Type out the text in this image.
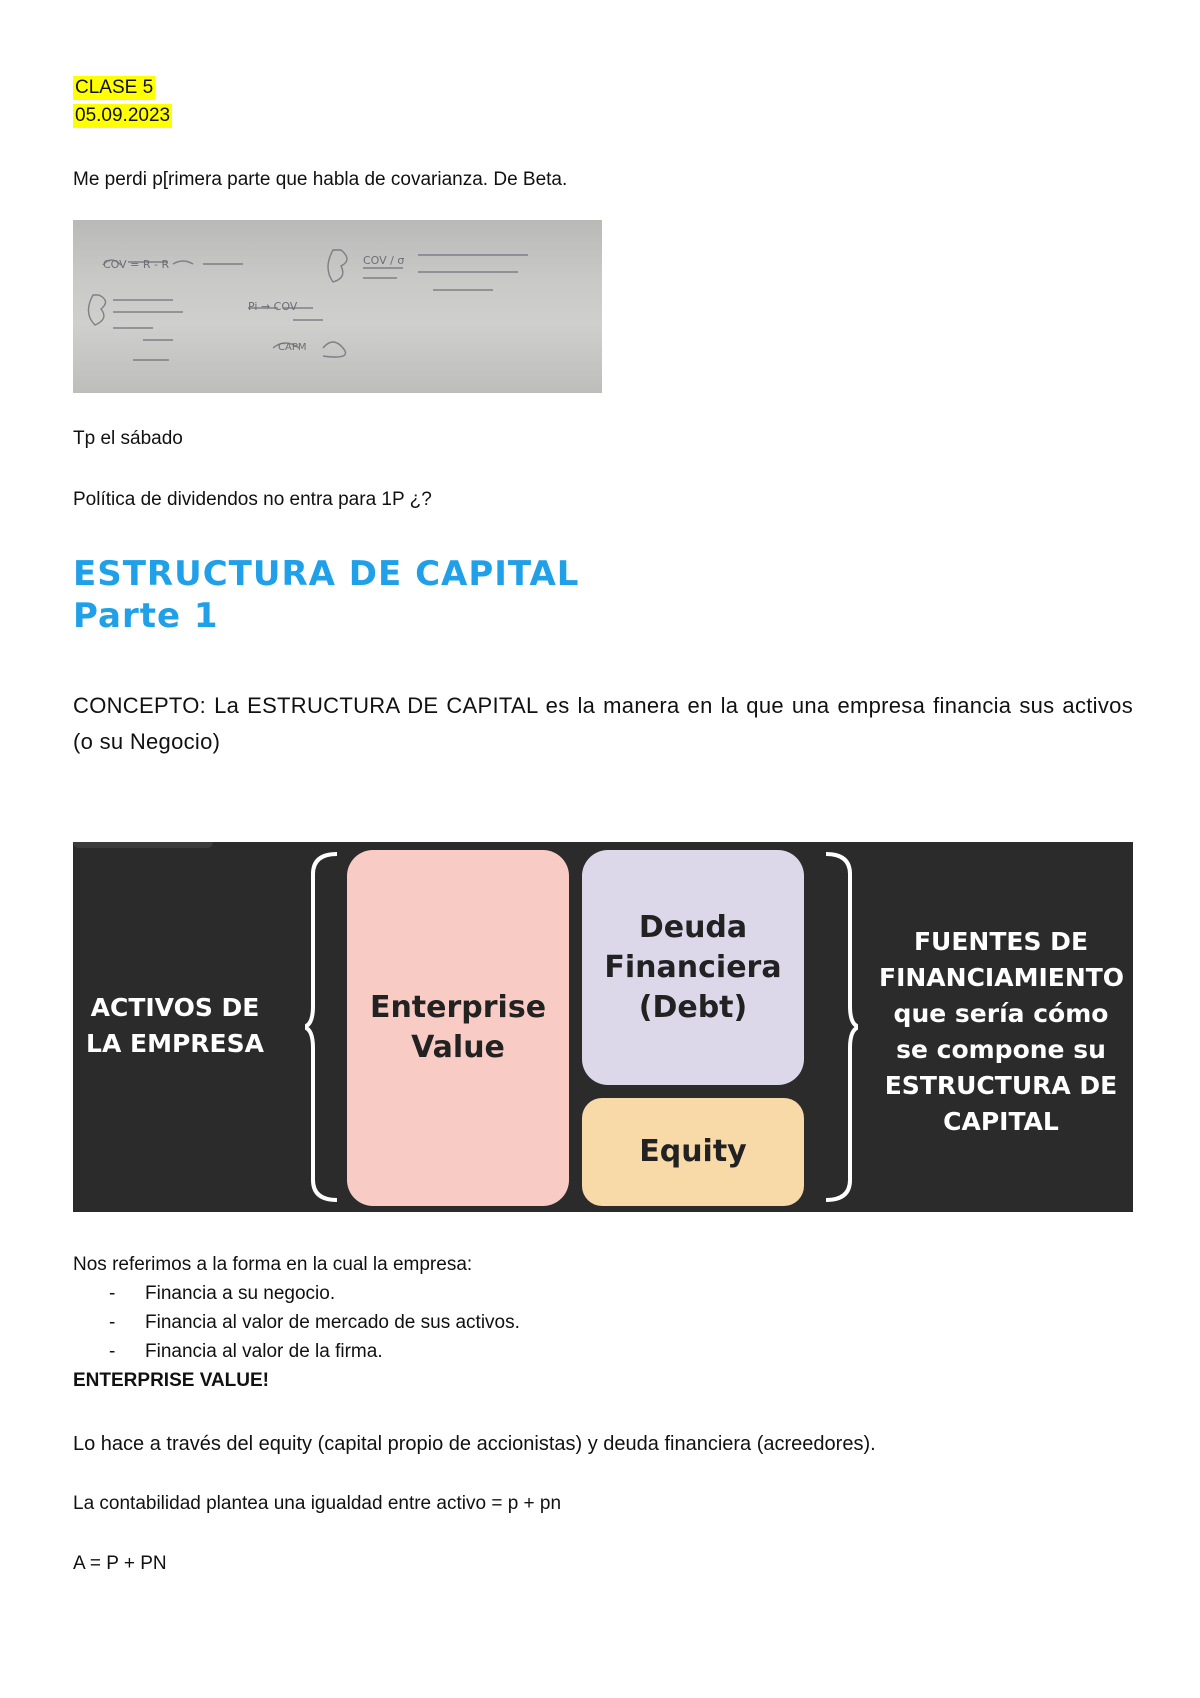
CLASE 5
05.09.2023
Me perdi p[rimera parte que habla de covarianza. De Beta.
COV = R - R	COV / σ
Pi → COV
CAPM
Tp el sábado
Política de dividendos no entra para 1P ¿?
ESTRUCTURA DE CAPITAL
Parte 1
CONCEPTO: La ESTRUCTURA DE CAPITAL es la manera en la que una empresa financia sus activos (o su Negocio)
ACTIVOS DE LA EMPRESA
Enterprise Value
Deuda Financiera (Debt)
Equity
FUENTES DE FINANCIAMIENTO que sería cómo se compone su ESTRUCTURA DE CAPITAL
Nos referimos a la forma en la cual la empresa:
- Financia a su negocio.
- Financia al valor de mercado de sus activos.
- Financia al valor de la firma.
ENTERPRISE VALUE!
Lo hace a través del equity (capital propio de accionistas) y deuda financiera (acreedores).
La contabilidad plantea una igualdad entre activo = p + pn
A = P + PN
